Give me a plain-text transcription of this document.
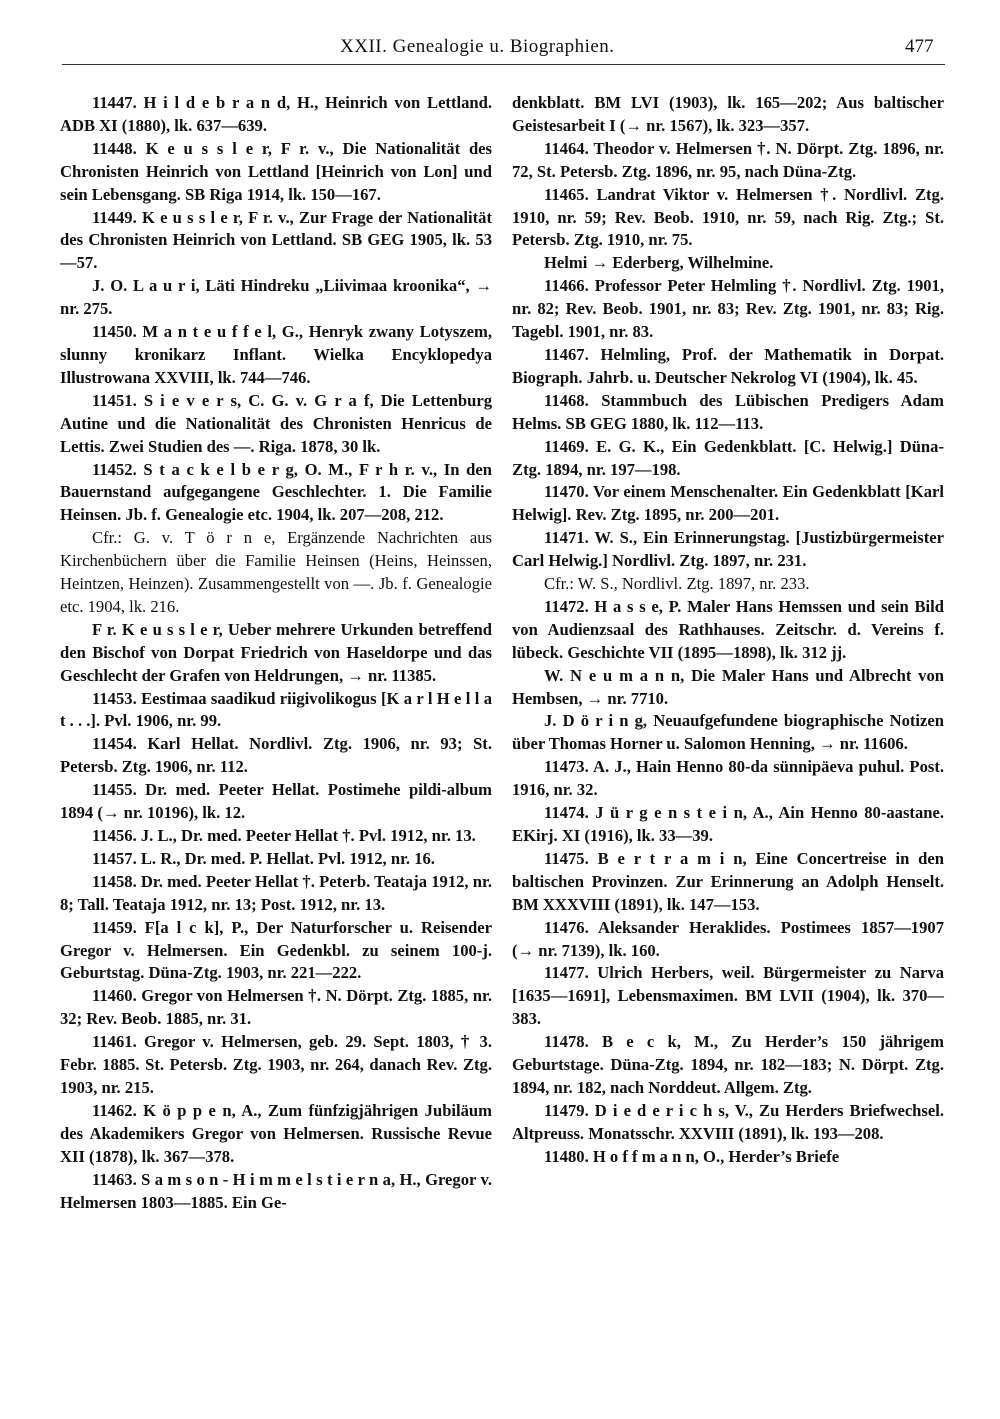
XXII. Genealogie u. Biographien.	477

11447. H i l d e b r a n d, H., Heinrich von Lettland. ADB XI (1880), lk. 637—639.

11448. K e u s s l e r, F r. v., Die Nationalität des Chronisten Heinrich von Lettland [Heinrich von Lon] und sein Lebensgang. SB Riga 1914, lk. 150—167.

11449. K e u s s l e r, F r. v., Zur Frage der Nationalität des Chronisten Heinrich von Lettland. SB GEG 1905, lk. 53—57.

J. O. L a u r i, Läti Hindreku „Liivimaa kroonika“, → nr. 275.

11450. M a n t e u f f e l, G., Henryk zwany Lotyszem, slunny kronikarz Inflant. Wielka Encyklopedya Illustrowana XXVIII, lk. 744—746.

11451. S i e v e r s, C. G. v. G r a f, Die Lettenburg Autine und die Nationalität des Chronisten Henricus de Lettis. Zwei Studien des —. Riga. 1878, 30 lk.

11452. S t a c k e l b e r g, O. M., F r h r. v., In den Bauernstand aufgegangene Geschlechter. 1. Die Familie Heinsen. Jb. f. Genealogie etc. 1904, lk. 207—208, 212.

Cfr.: G. v. T ö r n e, Ergänzende Nachrichten aus Kirchenbüchern über die Familie Heinsen (Heins, Heinssen, Heintzen, Heinzen). Zusammengestellt von —. Jb. f. Genealogie etc. 1904, lk. 216.

F r. K e u s s l e r, Ueber mehrere Urkunden betreffend den Bischof von Dorpat Friedrich von Haseldorpe und das Geschlecht der Grafen von Heldrungen, → nr. 11385.

11453. Eestimaa saadikud riigivolikogus [K a r l H e l l a t . . .]. Pvl. 1906, nr. 99.

11454. Karl Hellat. Nordlivl. Ztg. 1906, nr. 93; St. Petersb. Ztg. 1906, nr. 112.

11455. Dr. med. Peeter Hellat. Postimehe pildi-album 1894 (→ nr. 10196), lk. 12.

11456. J. L., Dr. med. Peeter Hellat †. Pvl. 1912, nr. 13.

11457. L. R., Dr. med. P. Hellat. Pvl. 1912, nr. 16.

11458. Dr. med. Peeter Hellat †. Peterb. Teataja 1912, nr. 8; Tall. Teataja 1912, nr. 13; Post. 1912, nr. 13.

11459. F[a l c k], P., Der Naturforscher u. Reisender Gregor v. Helmersen. Ein Gedenkbl. zu seinem 100-j. Geburtstag. Düna-Ztg. 1903, nr. 221—222.

11460. Gregor von Helmersen †. N. Dörpt. Ztg. 1885, nr. 32; Rev. Beob. 1885, nr. 31.

11461. Gregor v. Helmersen, geb. 29. Sept. 1803, † 3. Febr. 1885. St. Petersb. Ztg. 1903, nr. 264, danach Rev. Ztg. 1903, nr. 215.

11462. K ö p p e n, A., Zum fünfzigjährigen Jubiläum des Akademikers Gregor von Helmersen. Russische Revue XII (1878), lk. 367—378.

11463. S a m s o n - H i m m e l s t i e r n a, H., Gregor v. Helmersen 1803—1885. Ein Ge-

denkblatt. BM LVI (1903), lk. 165—202; Aus baltischer Geistesarbeit I (→ nr. 1567), lk. 323—357.

11464. Theodor v. Helmersen †. N. Dörpt. Ztg. 1896, nr. 72, St. Petersb. Ztg. 1896, nr. 95, nach Düna-Ztg.

11465. Landrat Viktor v. Helmersen †. Nordlivl. Ztg. 1910, nr. 59; Rev. Beob. 1910, nr. 59, nach Rig. Ztg.; St. Petersb. Ztg. 1910, nr. 75.

Helmi → Ederberg, Wilhelmine.

11466. Professor Peter Helmling †. Nordlivl. Ztg. 1901, nr. 82; Rev. Beob. 1901, nr. 83; Rev. Ztg. 1901, nr. 83; Rig. Tagebl. 1901, nr. 83.

11467. Helmling, Prof. der Mathematik in Dorpat. Biograph. Jahrb. u. Deutscher Nekrolog VI (1904), lk. 45.

11468. Stammbuch des Lübischen Predigers Adam Helms. SB GEG 1880, lk. 112—113.

11469. E. G. K., Ein Gedenkblatt. [C. Helwig.] Düna-Ztg. 1894, nr. 197—198.

11470. Vor einem Menschenalter. Ein Gedenkblatt [Karl Helwig]. Rev. Ztg. 1895, nr. 200—201.

11471. W. S., Ein Erinnerungstag. [Justizbürgermeister Carl Helwig.] Nordlivl. Ztg. 1897, nr. 231.

Cfr.: W. S., Nordlivl. Ztg. 1897, nr. 233.

11472. H a s s e, P. Maler Hans Hemssen und sein Bild von Audienzsaal des Rathhauses. Zeitschr. d. Vereins f. lübeck. Geschichte VII (1895—1898), lk. 312 jj.

W. N e u m a n n, Die Maler Hans und Albrecht von Hembsen, → nr. 7710.

J. D ö r i n g, Neuaufgefundene biographische Notizen über Thomas Horner u. Salomon Henning, → nr. 11606.

11473. A. J., Hain Henno 80-da sünnipäeva puhul. Post. 1916, nr. 32.

11474. J ü r g e n s t e i n, A., Ain Henno 80-aastane. EKirj. XI (1916), lk. 33—39.

11475. B e r t r a m i n, Eine Concertreise in den baltischen Provinzen. Zur Erinnerung an Adolph Henselt. BM XXXVIII (1891), lk. 147—153.

11476. Aleksander Heraklides. Postimees 1857—1907 (→ nr. 7139), lk. 160.

11477. Ulrich Herbers, weil. Bürgermeister zu Narva [1635—1691], Lebensmaximen. BM LVII (1904), lk. 370—383.

11478. B e c k, M., Zu Herder’s 150 jährigem Geburtstage. Düna-Ztg. 1894, nr. 182—183; N. Dörpt. Ztg. 1894, nr. 182, nach Norddeut. Allgem. Ztg.

11479. D i e d e r i c h s, V., Zu Herders Briefwechsel. Altpreuss. Monatsschr. XXVIII (1891), lk. 193—208.

11480. H o f f m a n n, O., Herder’s Briefe
